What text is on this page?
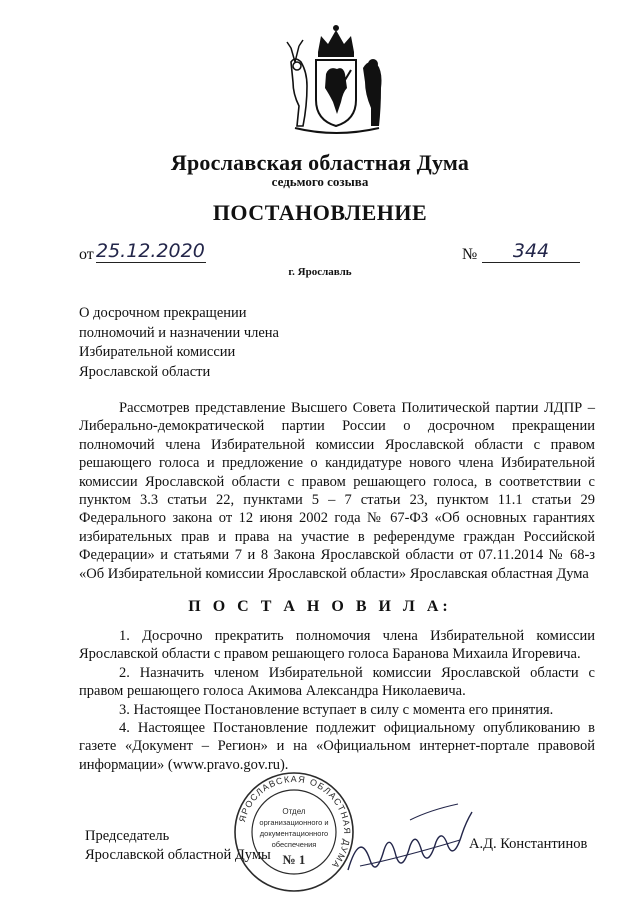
Ярославская областная Дума
седьмого созыва
ПОСТАНОВЛЕНИЕ
от 25.12.2020	№	344
г. Ярославль
О досрочном прекращении
полномочий и назначении члена
Избирательной комиссии
Ярославской области
Рассмотрев представление Высшего Совета Политической партии ЛДПР – Либерально-демократической партии России о досрочном прекращении полномочий члена Избирательной комиссии Ярославской области с правом решающего голоса и предложение о кандидатуре нового члена Избирательной комиссии Ярославской области с правом решающего голоса, в соответствии с пунктом 3.3 статьи 22, пунктами 5 – 7 статьи 23, пунктом 11.1 статьи 29 Федерального закона от 12 июня 2002 года № 67-ФЗ «Об основных гарантиях избирательных прав и права на участие в референдуме граждан Российской Федерации» и статьями 7 и 8 Закона Ярославской области от 07.11.2014 № 68-з «Об Избирательной комиссии Ярославской области» Ярославская областная Дума
П О С Т А Н О В И Л А:

1. Досрочно прекратить полномочия члена Избирательной комиссии Ярославской области с правом решающего голоса Баранова Михаила Игоревича.

2. Назначить членом Избирательной комиссии Ярославской области с правом решающего голоса Акимова Александра Николаевича.

3. Настоящее Постановление вступает в силу с момента его принятия.

4. Настоящее Постановление подлежит официальному опубликованию в газете «Документ – Регион» и на «Официальном интернет-портале правовой информации» (www.pravo.gov.ru).

Председатель
Ярославской областной Думы
А.Д. Константинов
ЯРОСЛАВСКАЯ ОБЛАСТНАЯ ДУМА
Отдел
организационного и
документационного
обеспечения
№ 1
